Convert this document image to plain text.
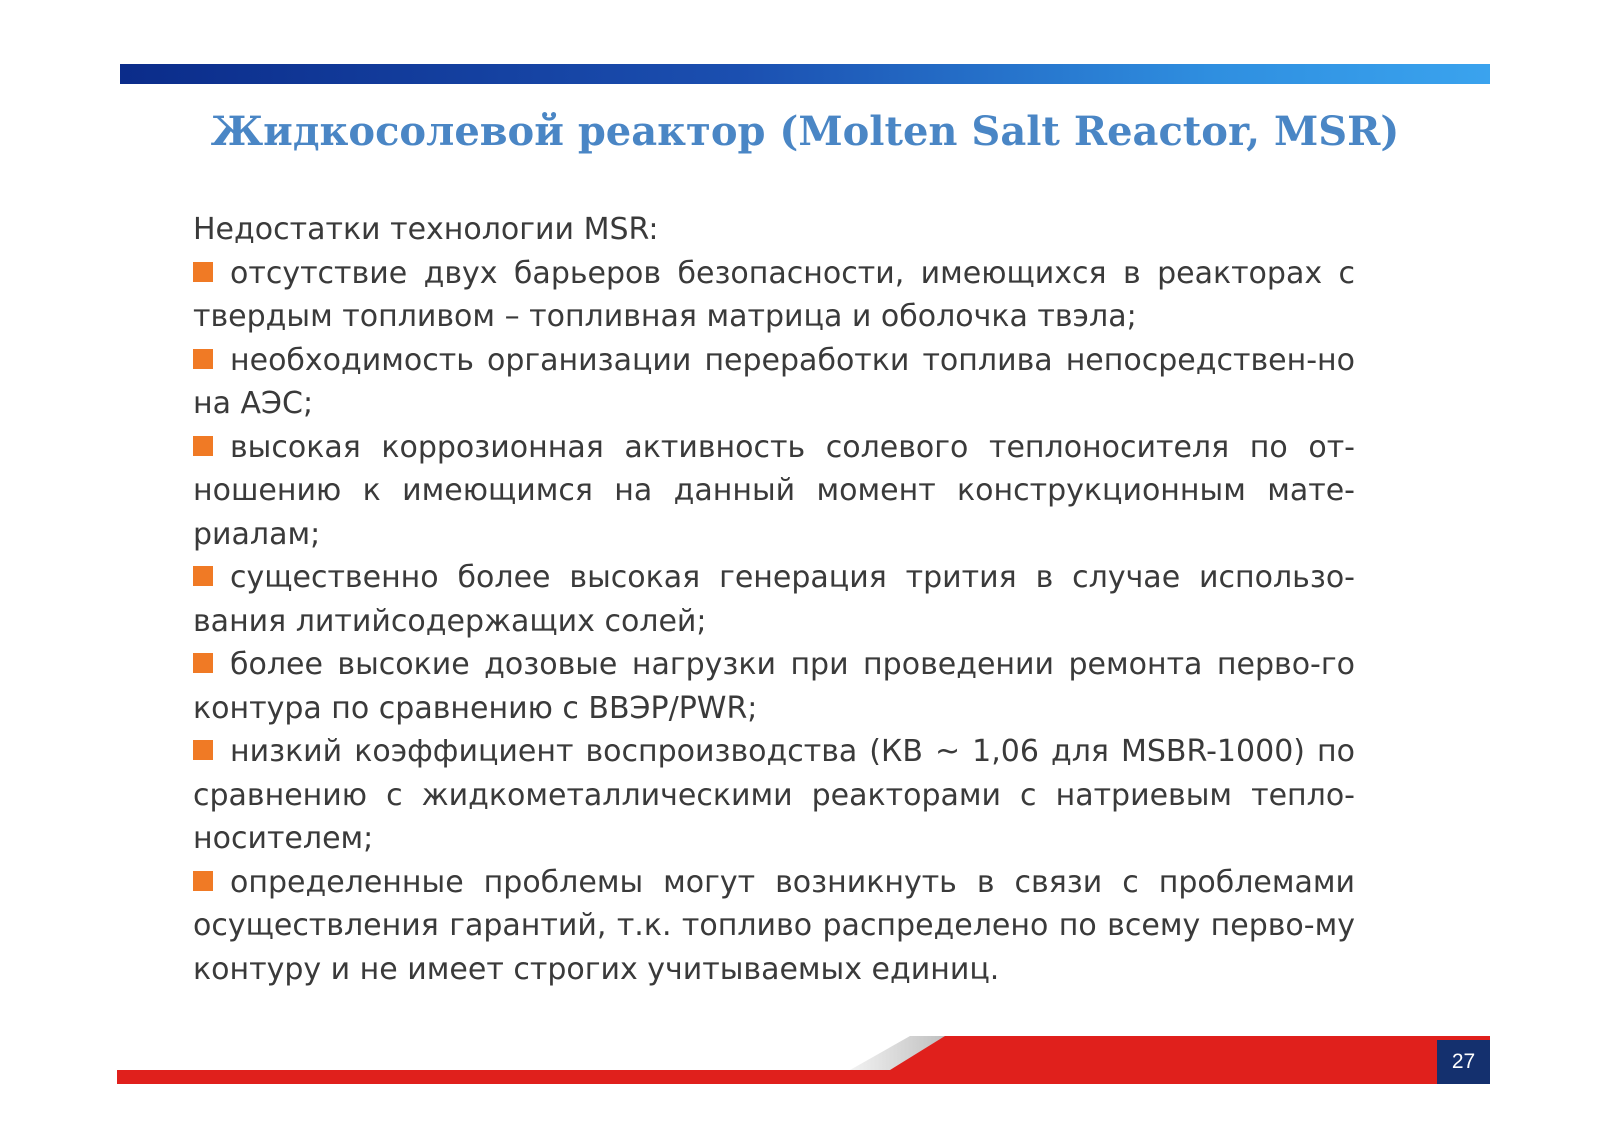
Жидкосолевой реактор (Molten Salt Reactor, MSR)

Недостатки технологии MSR:

отсутствие двух барьеров безопасности, имеющихся в реакторах с твердым топливом – топливная матрица и оболочка твэла;

необходимость организации переработки топлива непосредствен-но на АЭС;

высокая коррозионная активность солевого теплоносителя по от-ношению к имеющимся на данный момент конструкционным мате-риалам;

существенно более высокая генерация трития в случае использо-вания литийсодержащих солей;

более высокие дозовые нагрузки при проведении ремонта перво-го контура по сравнению с ВВЭР/PWR;

низкий коэффициент воспроизводства (КВ ~ 1,06 для MSBR-1000) по сравнению с жидкометаллическими реакторами с натриевым тепло-носителем;

определенные проблемы могут возникнуть в связи с проблемами осуществления гарантий, т.к. топливо распределено по всему перво-му контуру и не имеет строгих учитываемых единиц.

27
